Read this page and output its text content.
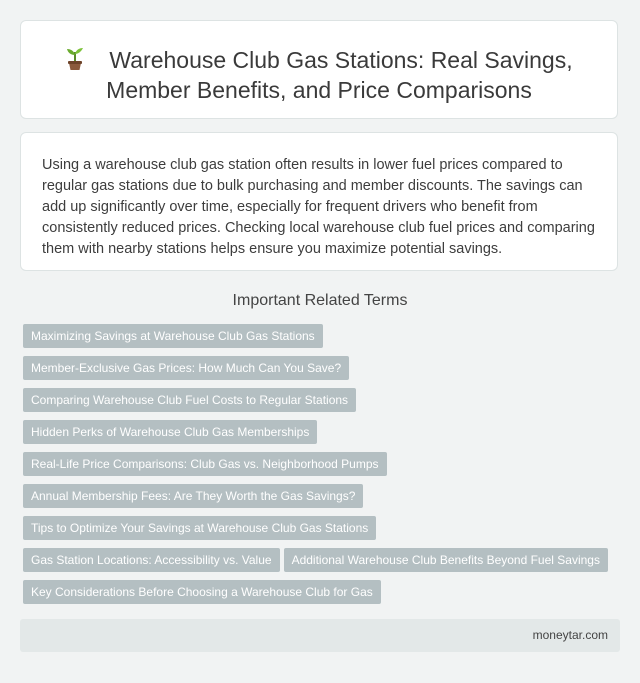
Warehouse Club Gas Stations: Real Savings,
Member Benefits, and Price Comparisons
Using a warehouse club gas station often results in lower fuel prices compared to regular gas stations due to bulk purchasing and member discounts. The savings can add up significantly over time, especially for frequent drivers who benefit from consistently reduced prices. Checking local warehouse club fuel prices and comparing them with nearby stations helps ensure you maximize potential savings.
Important Related Terms
Maximizing Savings at Warehouse Club Gas Stations
Member-Exclusive Gas Prices: How Much Can You Save?
Comparing Warehouse Club Fuel Costs to Regular Stations
Hidden Perks of Warehouse Club Gas Memberships
Real-Life Price Comparisons: Club Gas vs. Neighborhood Pumps
Annual Membership Fees: Are They Worth the Gas Savings?
Tips to Optimize Your Savings at Warehouse Club Gas Stations
Gas Station Locations: Accessibility vs. Value Additional Warehouse Club Benefits Beyond Fuel Savings
Key Considerations Before Choosing a Warehouse Club for Gas
moneytar.com
